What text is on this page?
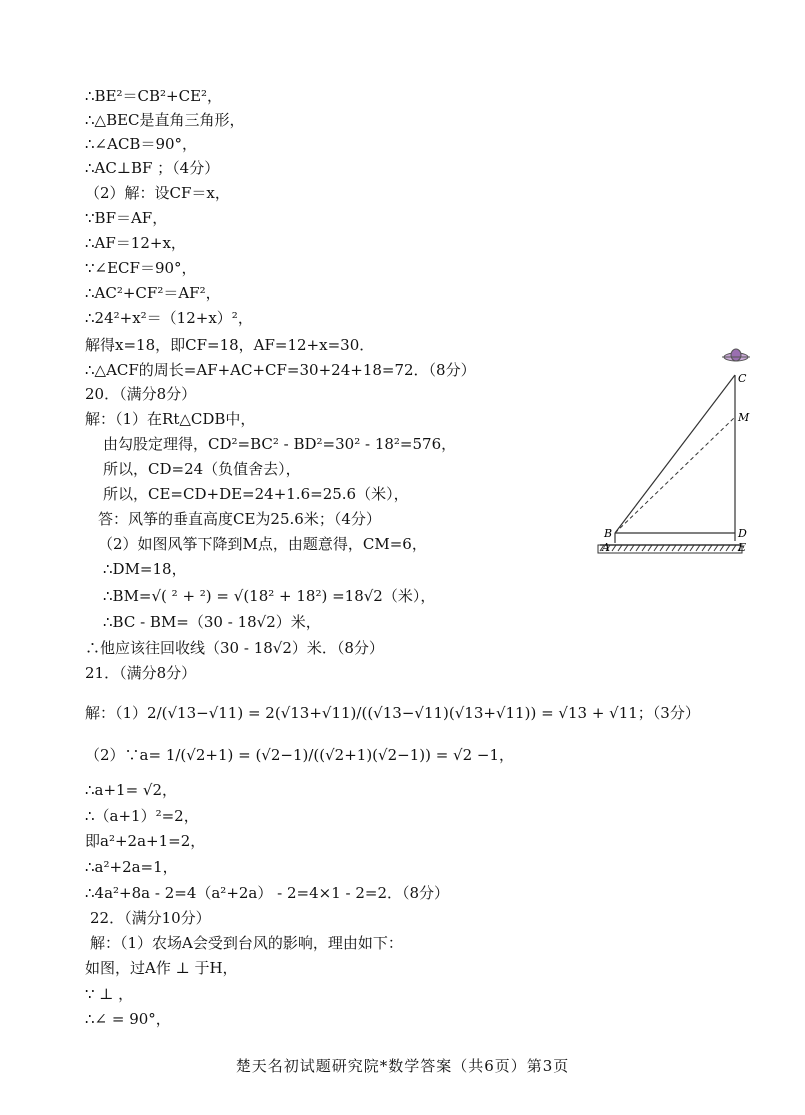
∴BE²＝CB²+CE²，
∴△BEC是直角三角形，
∴∠ACB＝90°，
∴AC⊥BF ；（4分）
（2）解：设CF＝x，
∵BF＝AF，
∴AF＝12+x，
∵∠ECF＝90°，
∴AC²+CF²＝AF²，
∴24²+x²＝（12+x）²，
解得x=18，即CF=18，AF=12+x=30．
∴△ACF的周长=AF+AC+CF=30+24+18=72．（8分）
20．（满分8分）
解：（1）在Rt△CDB中，
由勾股定理得，CD²=BC² - BD²=30² - 18²=576，
所以，CD=24（负值舍去），
所以，CE=CD+DE=24+1.6=25.6（米），
答：风筝的垂直高度CE为25.6米；（4分）
（2）如图风筝下降到M点，由题意得，CM=6，
∴DM=18，
∴BM=√( ² + ²) = √(18² + 18²) =18√2（米），
∴BC - BM=（30 - 18√2）米，
∴他应该往回收线（30 - 18√2）米．（8分）
21．（满分8分）
解：（1）2/(√13−√11) = 2(√13+√11)/((√13−√11)(√13+√11)) = √13 + √11；（3分）
（2）∵a= 1/(√2+1) = (√2−1)/((√2+1)(√2−1)) = √2 −1，
∴a+1= √2，
∴（a+1）²=2，
即a²+2a+1=2，
∴a²+2a=1，
∴4a²+8a - 2=4（a²+2a） - 2=4×1 - 2=2．（8分）
22．（满分10分）
解：（1）农场A会受到台风的影响，理由如下：
如图，过A作 ⊥ 于H，
∵ ⊥ ，
∴∠ = 90°，
C
M
B	D
A	E
楚天名初试题研究院*数学答案（共6页）第3页
